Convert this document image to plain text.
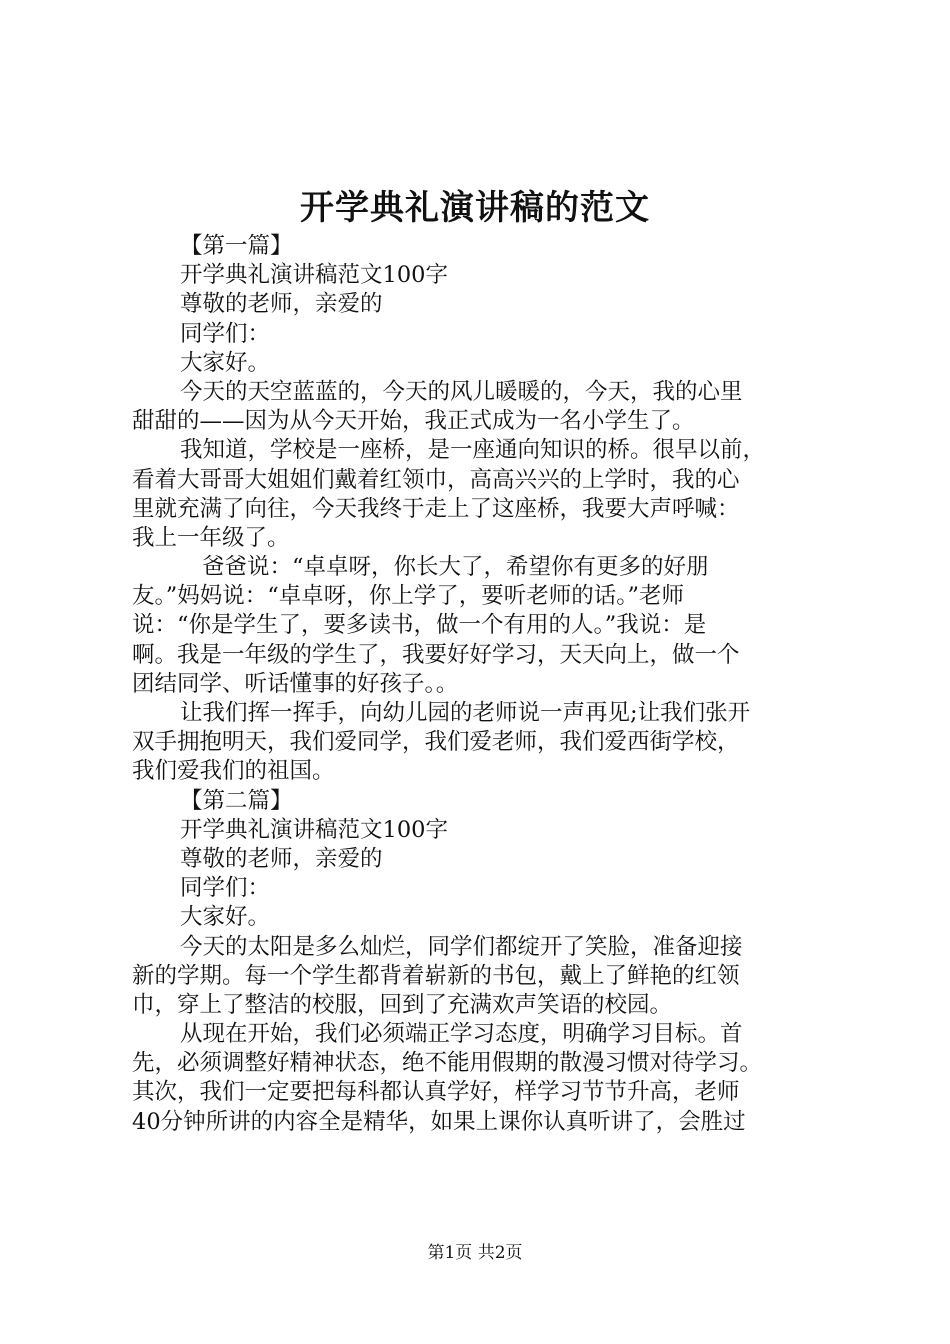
开学典礼演讲稿的范文
【第一篇】
开学典礼演讲稿范文100字
尊敬的老师，亲爱的
同学们：
大家好。
今天的天空蓝蓝的，今天的风儿暖暖的，今天，我的心里
甜甜的——因为从今天开始，我正式成为一名小学生了。
我知道，学校是一座桥，是一座通向知识的桥。很早以前，
看着大哥哥大姐姐们戴着红领巾，高高兴兴的上学时，我的心
里就充满了向往，今天我终于走上了这座桥，我要大声呼喊：
我上一年级了。
爸爸说：“卓卓呀，你长大了，希望你有更多的好朋
友。”妈妈说：“卓卓呀，你上学了，要听老师的话。”老师
说：“你是学生了，要多读书，做一个有用的人。”我说：是
啊。我是一年级的学生了，我要好好学习，天天向上，做一个
团结同学、听话懂事的好孩子。。
让我们挥一挥手，向幼儿园的老师说一声再见;让我们张开
双手拥抱明天，我们爱同学，我们爱老师，我们爱西街学校，
我们爱我们的祖国。
【第二篇】
开学典礼演讲稿范文100字
尊敬的老师，亲爱的
同学们：
大家好。
今天的太阳是多么灿烂，同学们都绽开了笑脸，准备迎接
新的学期。每一个学生都背着崭新的书包，戴上了鲜艳的红领
巾，穿上了整洁的校服，回到了充满欢声笑语的校园。
从现在开始，我们必须端正学习态度，明确学习目标。首
先，必须调整好精神状态，绝不能用假期的散漫习惯对待学习。
其次，我们一定要把每科都认真学好，样学习节节升高，老师
40分钟所讲的内容全是精华，如果上课你认真听讲了，会胜过
第1页 共2页
